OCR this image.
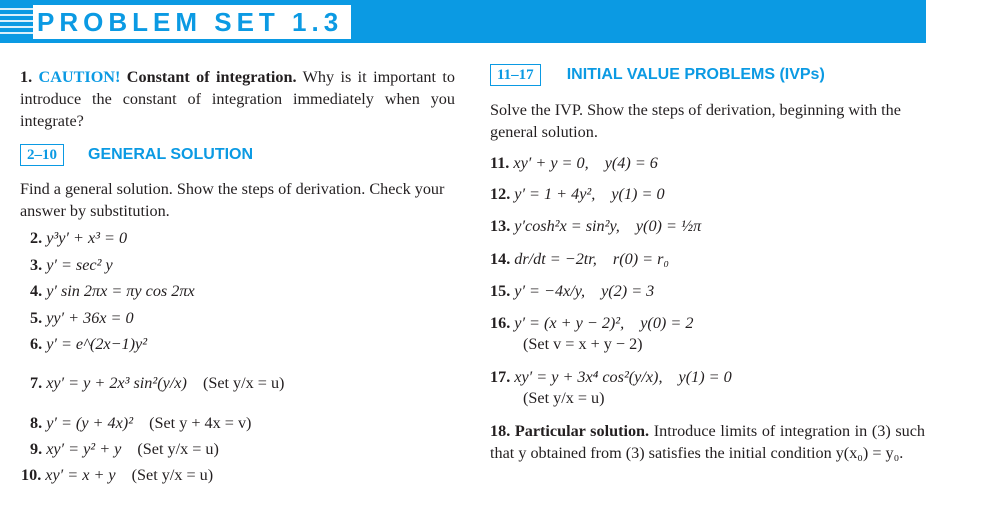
PROBLEM SET 1.3
1. CAUTION! Constant of integration. Why is it important to introduce the constant of integration immediately when you integrate?
2–10 GENERAL SOLUTION
Find a general solution. Show the steps of derivation. Check your answer by substitution.
2. y³y′ + x³ = 0
3. y′ = sec² y
4. y′ sin 2πx = πy cos 2πx
5. yy′ + 36x = 0
6. y′ = e^(2x−1)y²
7. xy′ = y + 2x³ sin²(y/x) (Set y/x = u)
8. y′ = (y + 4x)² (Set y + 4x = v)
9. xy′ = y² + y (Set y/x = u)
10. xy′ = x + y (Set y/x = u)
11–17 INITIAL VALUE PROBLEMS (IVPs)
Solve the IVP. Show the steps of derivation, beginning with the general solution.
11. xy′ + y = 0, y(4) = 6
12. y′ = 1 + 4y², y(1) = 0
13. y′cosh²x = sin²y, y(0) = ½π
14. dr/dt = −2tr, r(0) = r₀
15. y′ = −4x/y, y(2) = 3
16. y′ = (x + y − 2)², y(0) = 2
(Set v = x + y − 2)
17. xy′ = y + 3x⁴ cos²(y/x), y(1) = 0
(Set y/x = u)
18. Particular solution. Introduce limits of integration in (3) such that y obtained from (3) satisfies the initial condition y(x₀) = y₀.
